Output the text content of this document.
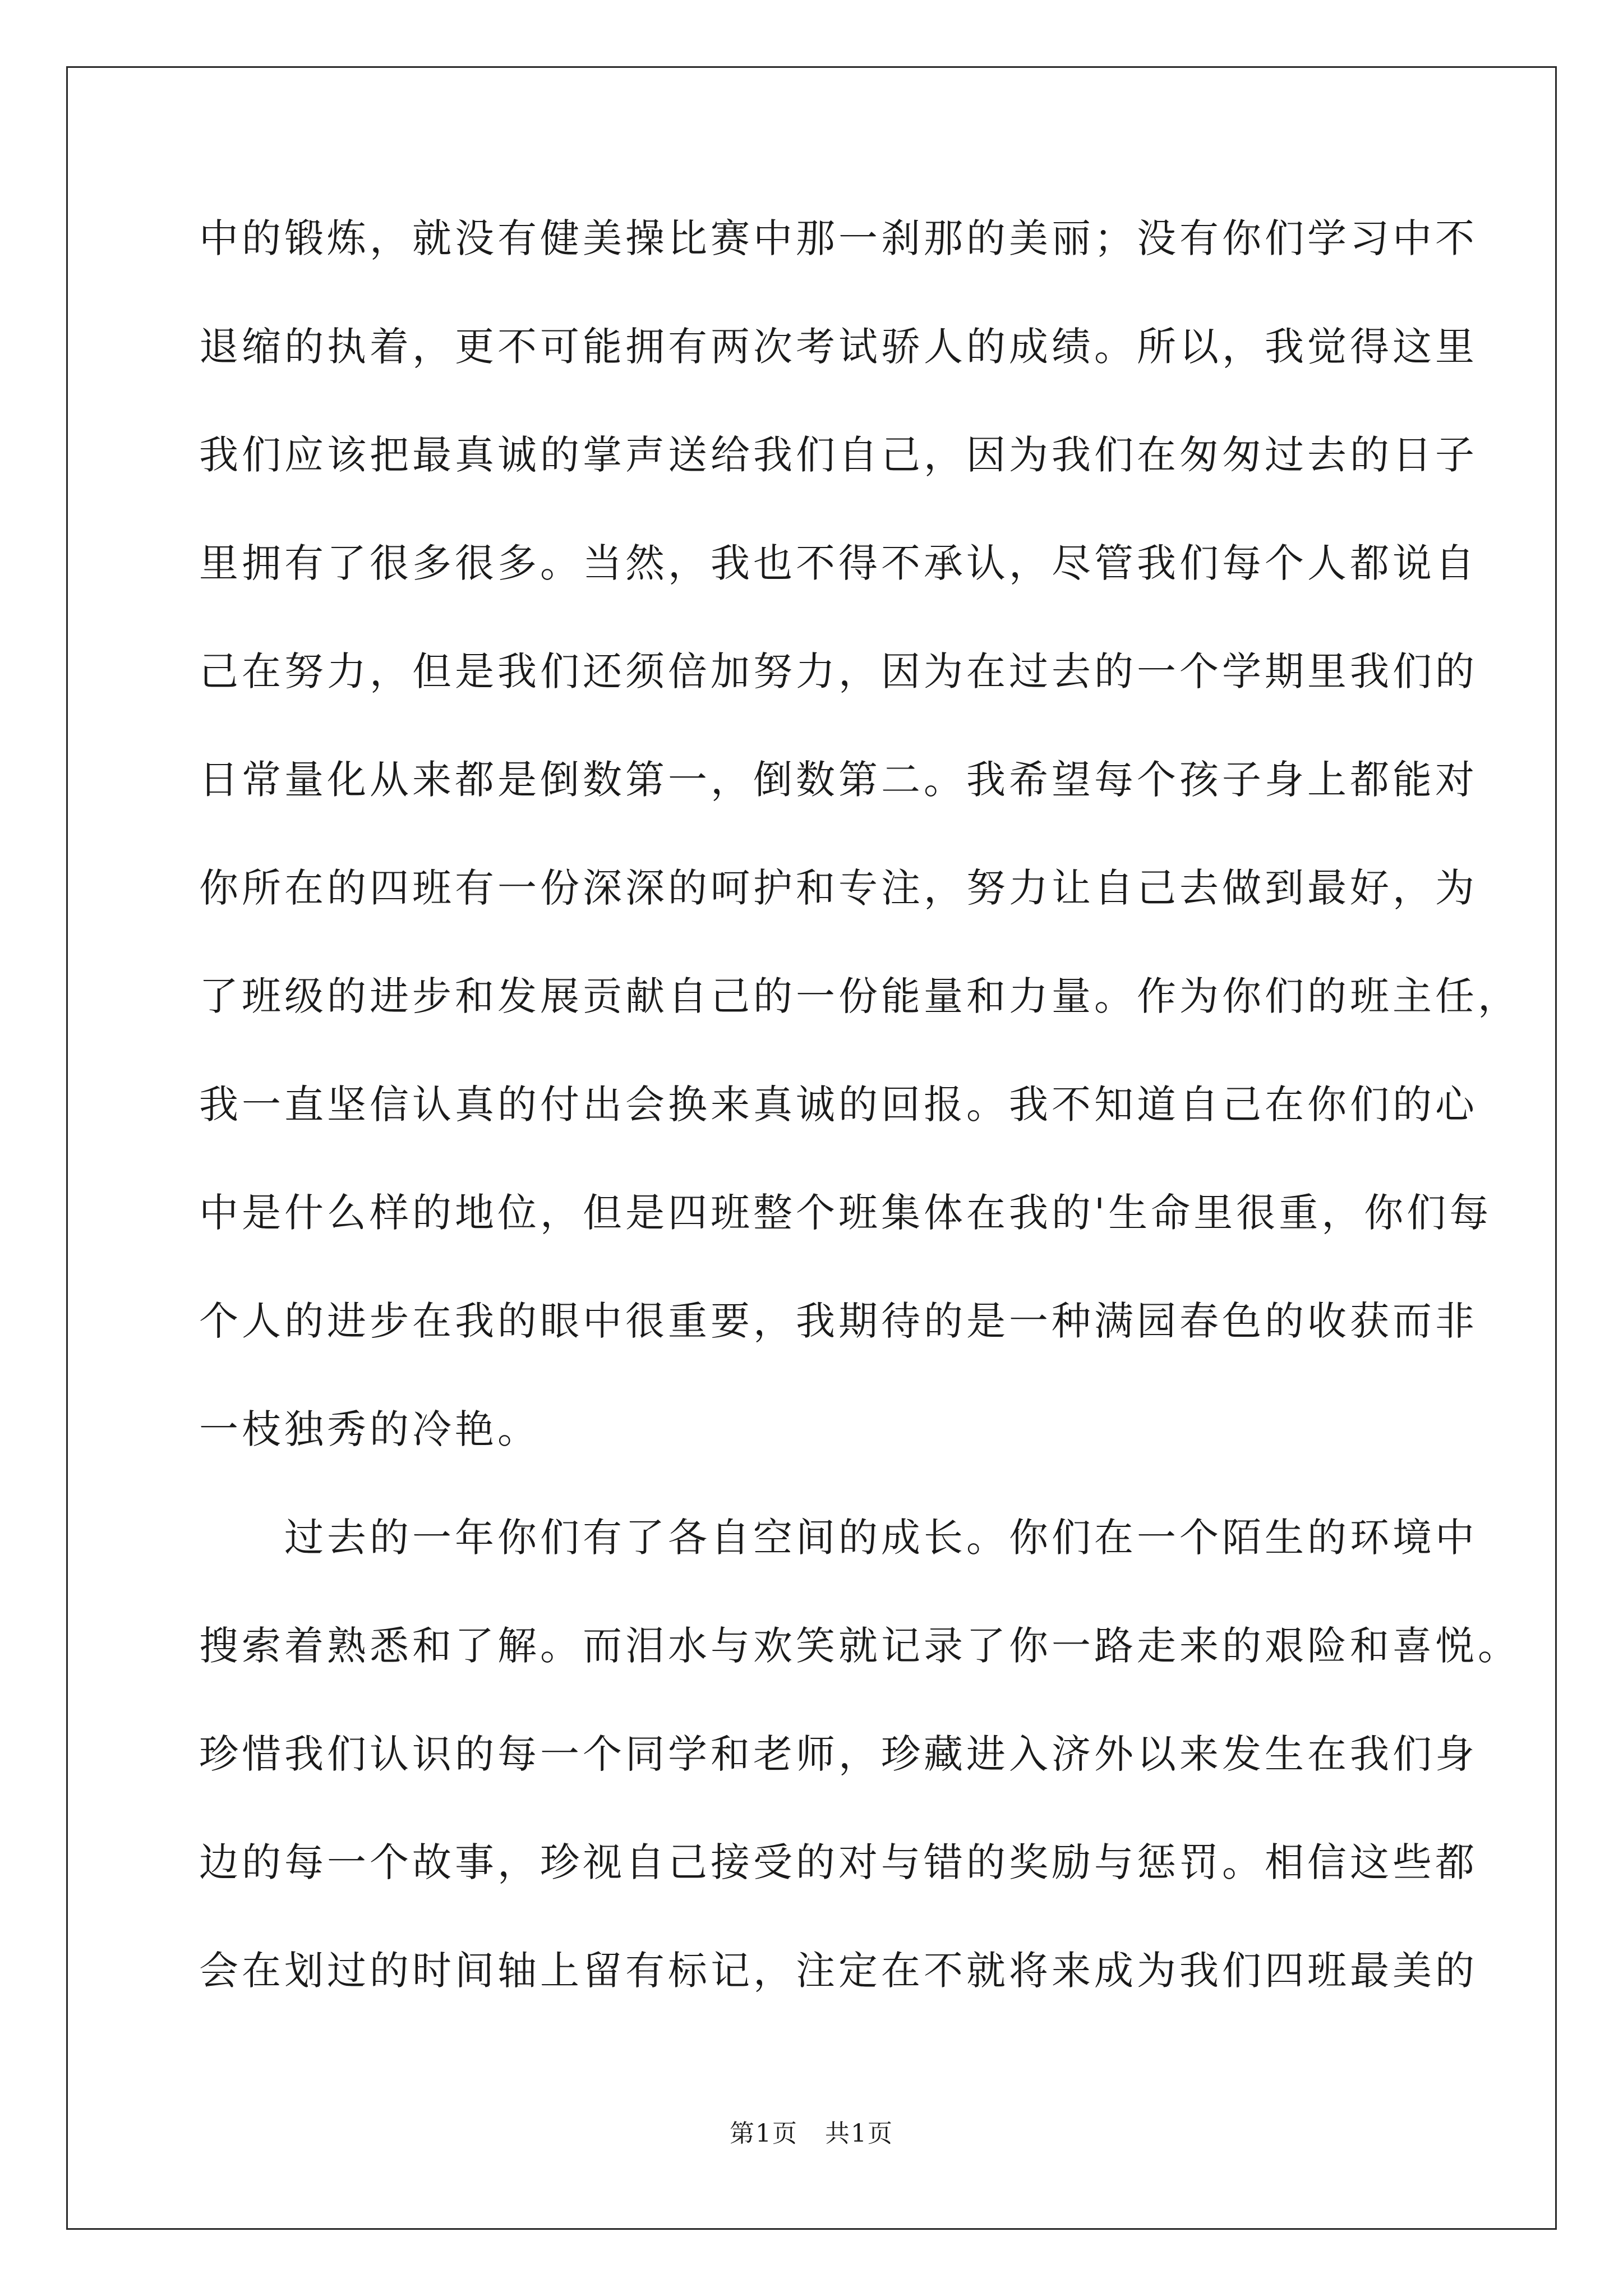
中的锻炼，就没有健美操比赛中那一刹那的美丽；没有你们学习中不
退缩的执着，更不可能拥有两次考试骄人的成绩。所以，我觉得这里
我们应该把最真诚的掌声送给我们自己，因为我们在匆匆过去的日子
里拥有了很多很多。当然，我也不得不承认，尽管我们每个人都说自
己在努力，但是我们还须倍加努力，因为在过去的一个学期里我们的
日常量化从来都是倒数第一，倒数第二。我希望每个孩子身上都能对
你所在的四班有一份深深的呵护和专注，努力让自己去做到最好，为
了班级的进步和发展贡献自己的一份能量和力量。作为你们的班主任，
我一直坚信认真的付出会换来真诚的回报。我不知道自己在你们的心
中是什么样的地位，但是四班整个班集体在我的'生命里很重，你们每
个人的进步在我的眼中很重要，我期待的是一种满园春色的收获而非
一枝独秀的冷艳。
　　过去的一年你们有了各自空间的成长。你们在一个陌生的环境中
搜索着熟悉和了解。而泪水与欢笑就记录了你一路走来的艰险和喜悦。
珍惜我们认识的每一个同学和老师，珍藏进入济外以来发生在我们身
边的每一个故事，珍视自己接受的对与错的奖励与惩罚。相信这些都
会在划过的时间轴上留有标记，注定在不就将来成为我们四班最美的
第1页   共1页
